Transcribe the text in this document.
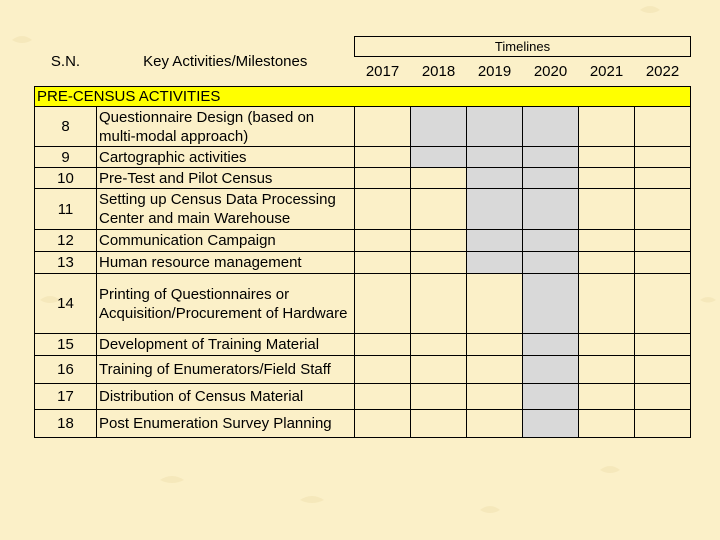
S.N.	Key Activities/Milestones	Timelines					
		2017	2018	2019	2020	2021	2022
PRE-CENSUS ACTIVITIES							
8	Questionnaire Design (based on multi-modal approach)						
9	Cartographic activities						
10	Pre-Test and Pilot Census						
11	Setting up Census Data Processing Center and main Warehouse						
12	Communication Campaign						
13	Human resource management						
14	Printing of Questionnaires or Acquisition/Procurement of Hardware						
15	Development of Training Material						
16	Training of Enumerators/Field Staff						
17	Distribution of Census Material						
18	Post Enumeration Survey Planning						
